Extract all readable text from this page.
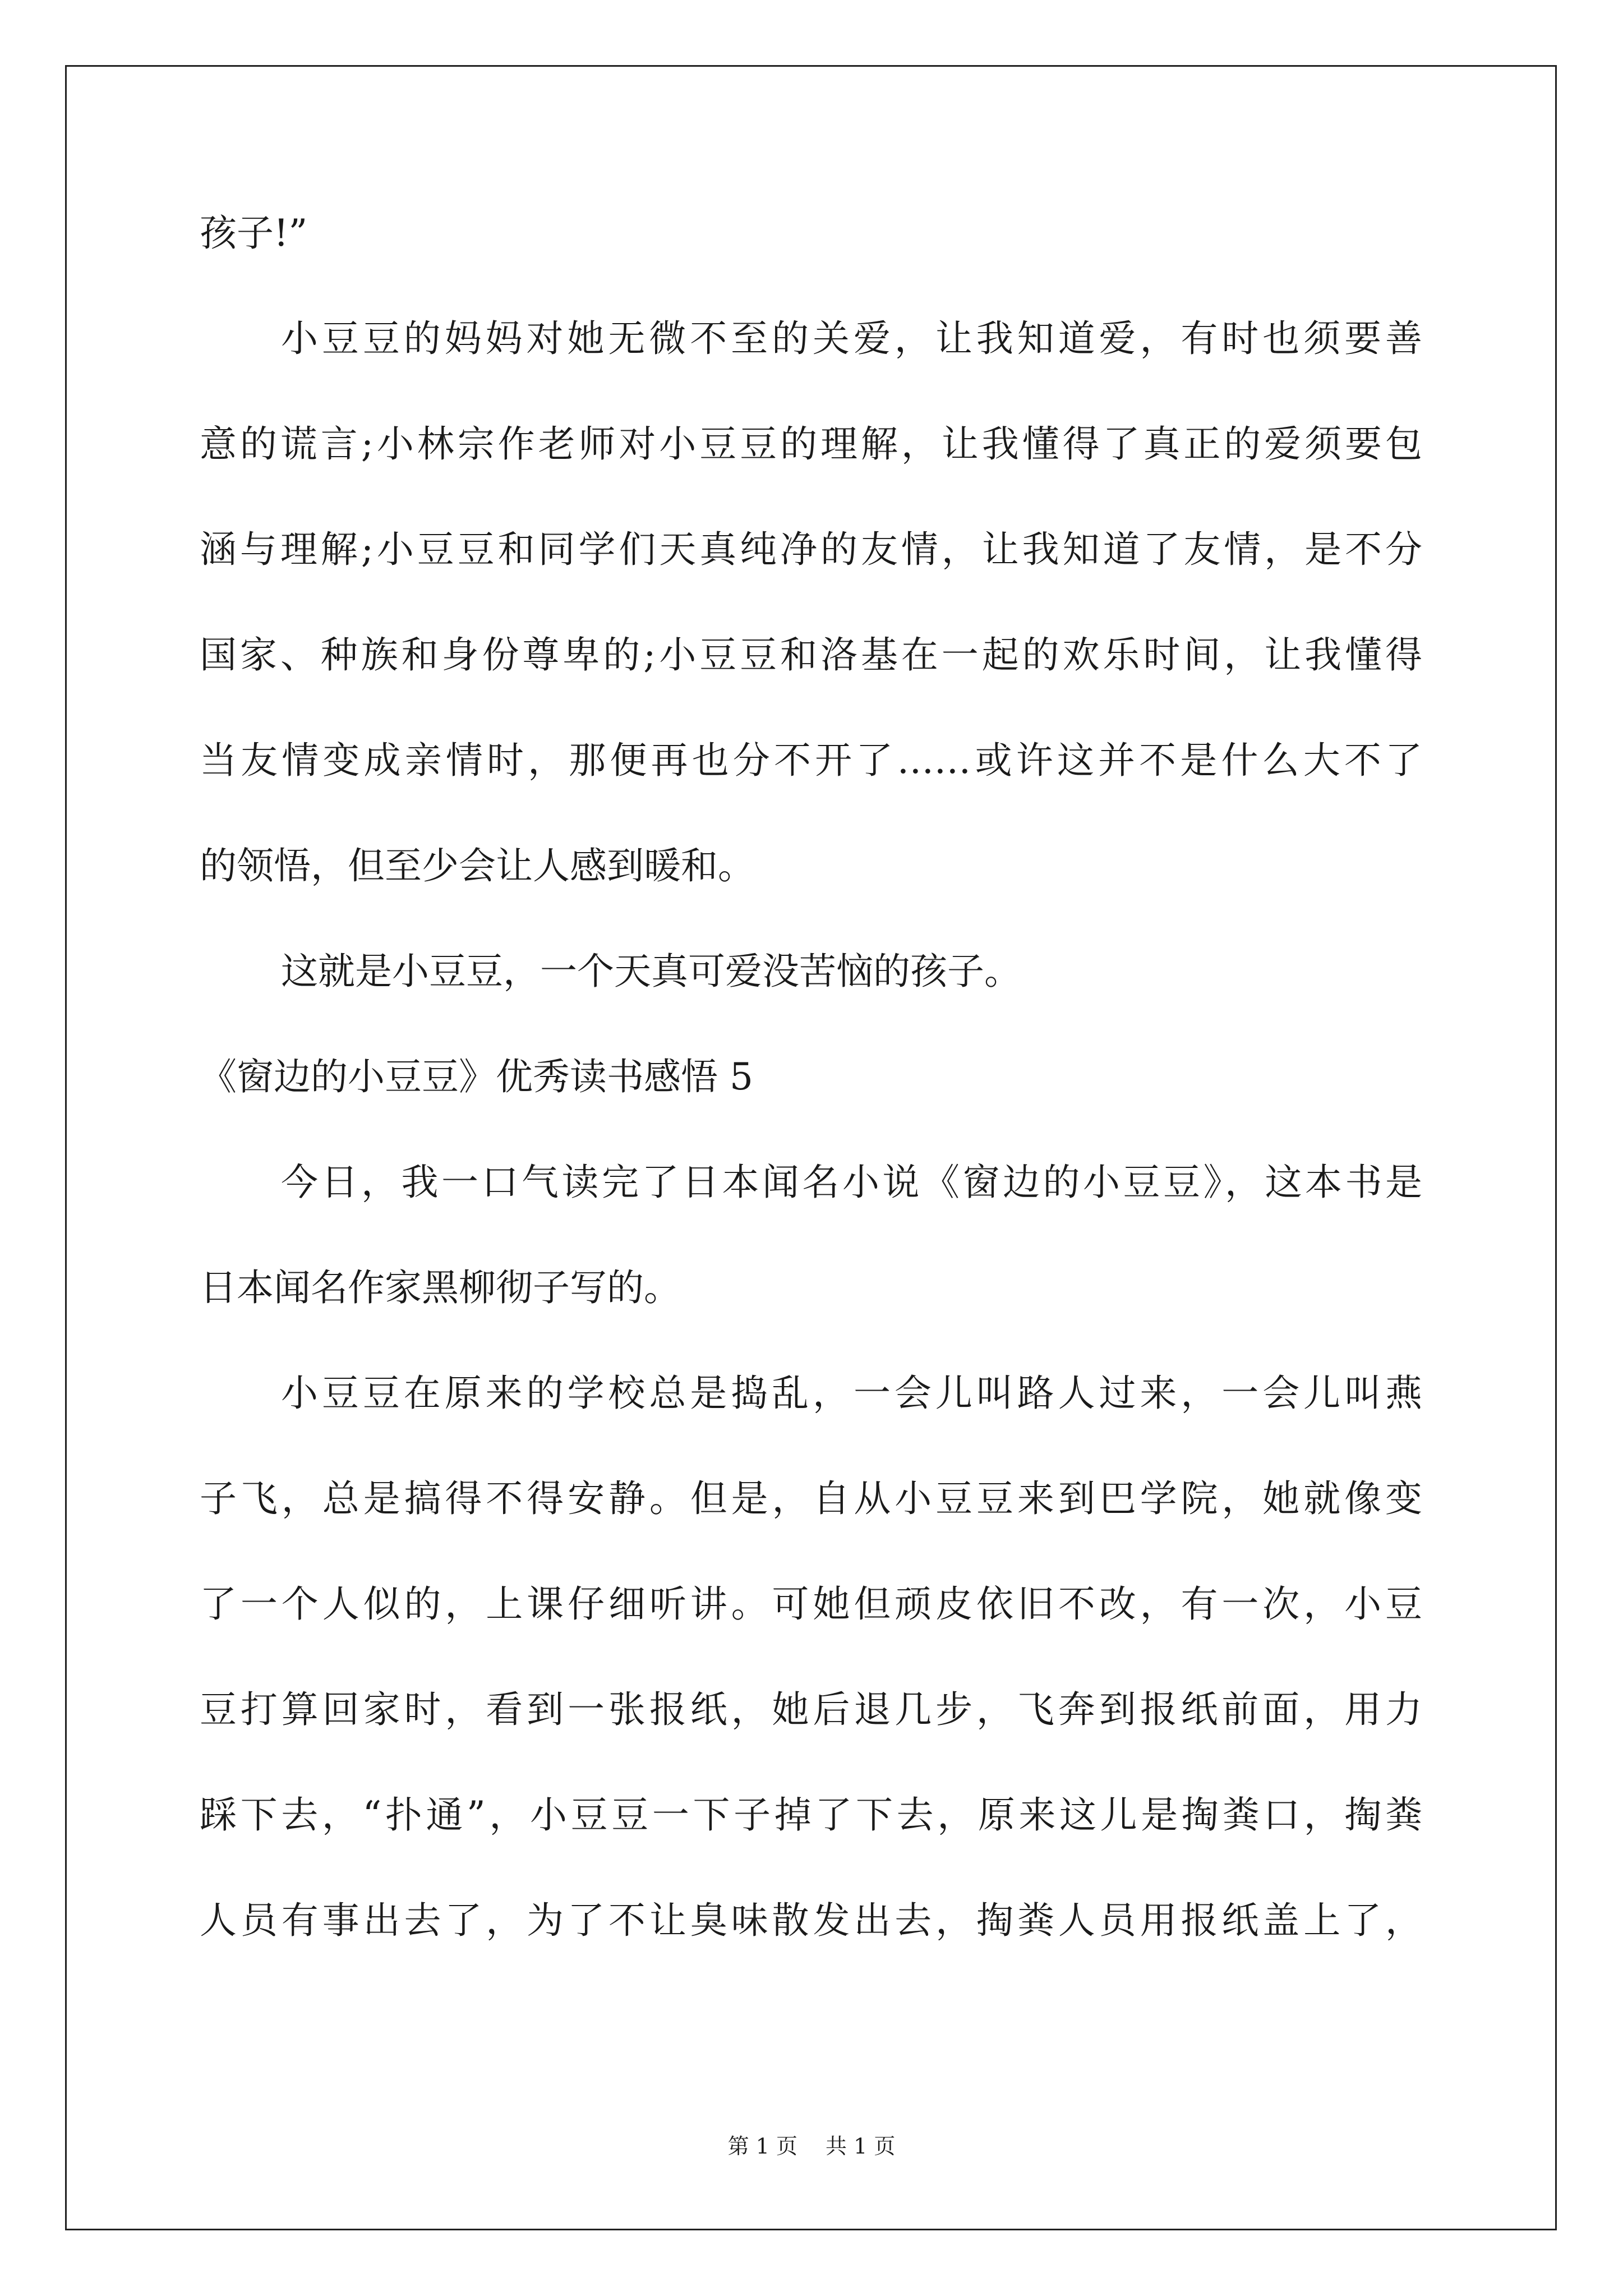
孩子!”
小豆豆的妈妈对她无微不至的关爱，让我知道爱，有时也须要善
意的谎言;小林宗作老师对小豆豆的理解，让我懂得了真正的爱须要包
涵与理解;小豆豆和同学们天真纯净的友情，让我知道了友情，是不分
国家、种族和身份尊卑的;小豆豆和洛基在一起的欢乐时间，让我懂得
当友情变成亲情时，那便再也分不开了……或许这并不是什么大不了
的领悟，但至少会让人感到暖和。
这就是小豆豆，一个天真可爱没苦恼的孩子。
《窗边的小豆豆》优秀读书感悟 5
今日，我一口气读完了日本闻名小说《窗边的小豆豆》，这本书是
日本闻名作家黑柳彻子写的。
小豆豆在原来的学校总是捣乱，一会儿叫路人过来，一会儿叫燕
子飞，总是搞得不得安静。但是，自从小豆豆来到巴学院，她就像变
了一个人似的，上课仔细听讲。可她但顽皮依旧不改，有一次，小豆
豆打算回家时，看到一张报纸，她后退几步，飞奔到报纸前面，用力
踩下去，“扑通”，小豆豆一下子掉了下去，原来这儿是掏粪口，掏粪
人员有事出去了，为了不让臭味散发出去，掏粪人员用报纸盖上了，
第 1 页 共 1 页
